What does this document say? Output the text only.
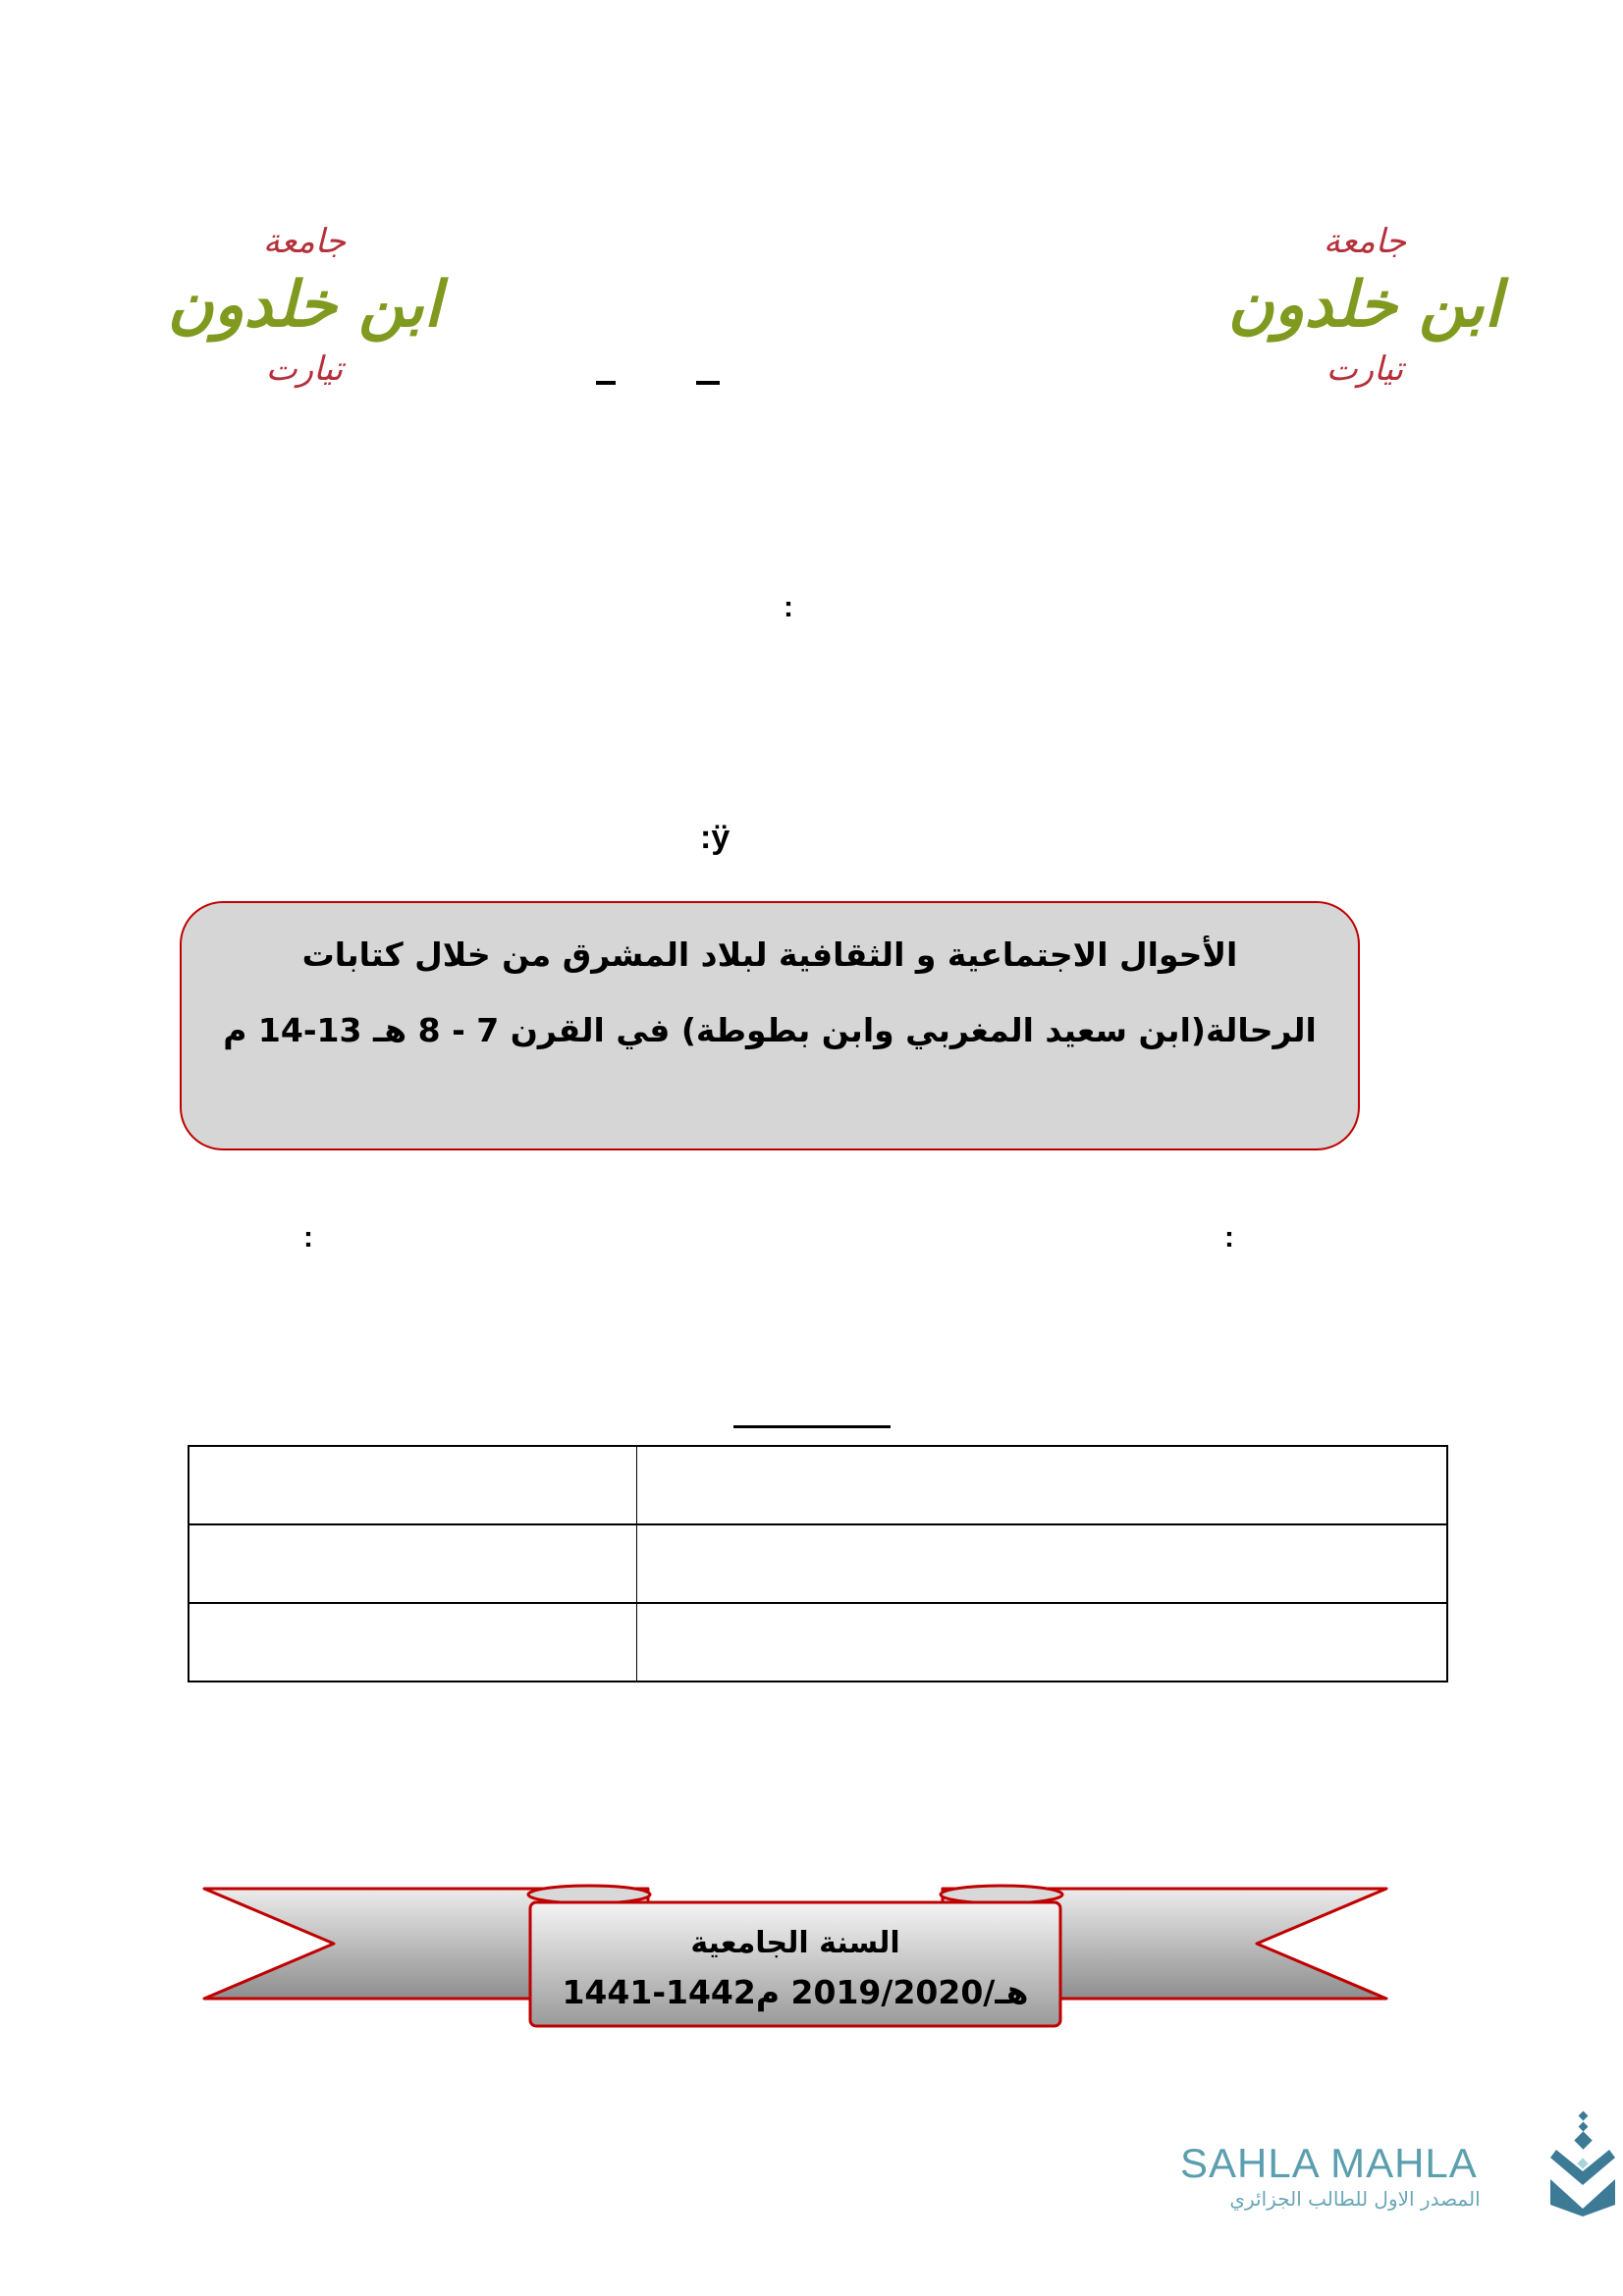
جامعة
ابن خلدون
تيارت
جامعة
ابن خلدون
تيارت
:
:ÿ
:	:
الأحوال الاجتماعية و الثقافية لبلاد المشرق من خلال كتابات
الرحالة(ابن سعيد المغربي وابن بطوطة) في القرن 7 - 8 هـ 13-14 م

السنة الجامعية
1441-1442هـ/2019/2020 م
SAHLA MAHLA
المصدر الاول للطالب الجزائري
